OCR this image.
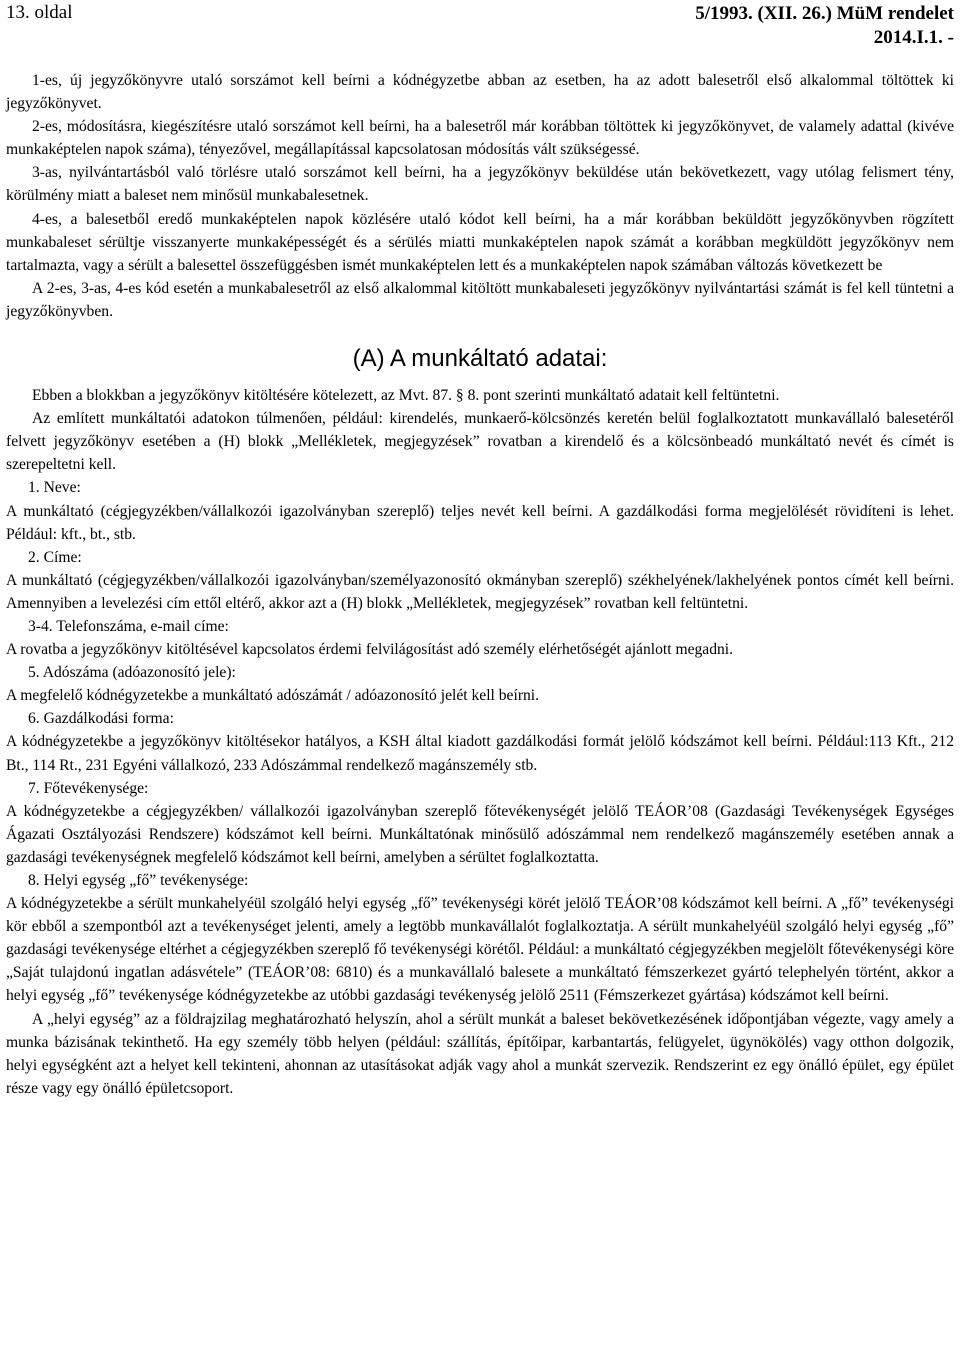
13. oldal	5/1993. (XII. 26.) MüM rendelet
2014.I.1. -

1-es, új jegyzőkönyvre utaló sorszámot kell beírni a kódnégyzetbe abban az esetben, ha az adott balesetről első alkalommal töltöttek ki jegyzőkönyvet.

2-es, módosításra, kiegészítésre utaló sorszámot kell beírni, ha a balesetről már korábban töltöttek ki jegyzőkönyvet, de valamely adattal (kivéve munkaképtelen napok száma), tényezővel, megállapítással kapcsolatosan módosítás vált szükségessé.

3-as, nyilvántartásból való törlésre utaló sorszámot kell beírni, ha a jegyzőkönyv beküldése után bekövetkezett, vagy utólag felismert tény, körülmény miatt a baleset nem minősül munkabalesetnek.

4-es, a balesetből eredő munkaképtelen napok közlésére utaló kódot kell beírni, ha a már korábban beküldött jegyzőkönyvben rögzített munkabaleset sérültje visszanyerte munkaképességét és a sérülés miatti munkaképtelen napok számát a korábban megküldött jegyzőkönyv nem tartalmazta, vagy a sérült a balesettel összefüggésben ismét munkaképtelen lett és a munkaképtelen napok számában változás következett be

A 2-es, 3-as, 4-es kód esetén a munkabalesetről az első alkalommal kitöltött munkabaleseti jegyzőkönyv nyilvántartási számát is fel kell tüntetni a jegyzőkönyvben.

(A) A munkáltató adatai:

Ebben a blokkban a jegyzőkönyv kitöltésére kötelezett, az Mvt. 87. § 8. pont szerinti munkáltató adatait kell feltüntetni.

Az említett munkáltatói adatokon túlmenően, például: kirendelés, munkaerő-kölcsönzés keretén belül foglalkoztatott munkavállaló balesetéről felvett jegyzőkönyv esetében a (H) blokk „Mellékletek, megjegyzések” rovatban a kirendelő és a kölcsönbeadó munkáltató nevét és címét is szerepeltetni kell.

1. Neve:

A munkáltató (cégjegyzékben/vállalkozói igazolványban szereplő) teljes nevét kell beírni. A gazdálkodási forma megjelölését rövidíteni is lehet. Például: kft., bt., stb.

2. Címe:

A munkáltató (cégjegyzékben/vállalkozói igazolványban/személyazonosító okmányban szereplő) székhelyének/lakhelyének pontos címét kell beírni. Amennyiben a levelezési cím ettől eltérő, akkor azt a (H) blokk „Mellékletek, megjegyzések” rovatban kell feltüntetni.

3-4. Telefonszáma, e-mail címe:

A rovatba a jegyzőkönyv kitöltésével kapcsolatos érdemi felvilágosítást adó személy elérhetőségét ajánlott megadni.

5. Adószáma (adóazonosító jele):

A megfelelő kódnégyzetekbe a munkáltató adószámát / adóazonosító jelét kell beírni.

6. Gazdálkodási forma:

A kódnégyzetekbe a jegyzőkönyv kitöltésekor hatályos, a KSH által kiadott gazdálkodási formát jelölő kódszámot kell beírni. Például:113 Kft., 212 Bt., 114 Rt., 231 Egyéni vállalkozó, 233 Adószámmal rendelkező magánszemély stb.

7. Főtevékenysége:

A kódnégyzetekbe a cégjegyzékben/ vállalkozói igazolványban szereplő főtevékenységét jelölő TEÁOR’08 (Gazdasági Tevékenységek Egységes Ágazati Osztályozási Rendszere) kódszámot kell beírni. Munkáltatónak minősülő adószámmal nem rendelkező magánszemély esetében annak a gazdasági tevékenységnek megfelelő kódszámot kell beírni, amelyben a sérültet foglalkoztatta.

8. Helyi egység „fő” tevékenysége:

A kódnégyzetekbe a sérült munkahelyéül szolgáló helyi egység „fő” tevékenységi körét jelölő TEÁOR’08 kódszámot kell beírni. A „fő” tevékenységi kör ebből a szempontból azt a tevékenységet jelenti, amely a legtöbb munkavállalót foglalkoztatja. A sérült munkahelyéül szolgáló helyi egység „fő” gazdasági tevékenysége eltérhet a cégjegyzékben szereplő fő tevékenységi körétől. Például: a munkáltató cégjegyzékben megjelölt főtevékenységi köre „Saját tulajdonú ingatlan adásvétele” (TEÁOR’08: 6810) és a munkavállaló balesete a munkáltató fémszerkezet gyártó telephelyén történt, akkor a helyi egység „fő” tevékenysége kódnégyzetekbe az utóbbi gazdasági tevékenység jelölő 2511 (Fémszerkezet gyártása) kódszámot kell beírni.

A „helyi egység” az a földrajzilag meghatározható helyszín, ahol a sérült munkát a baleset bekövetkezésének időpontjában végezte, vagy amely a munka bázisának tekinthető. Ha egy személy több helyen (például: szállítás, építőipar, karbantartás, felügyelet, ügynökölés) vagy otthon dolgozik, helyi egységként azt a helyet kell tekinteni, ahonnan az utasításokat adják vagy ahol a munkát szervezik. Rendszerint ez egy önálló épület, egy épület része vagy egy önálló épületcsoport.
